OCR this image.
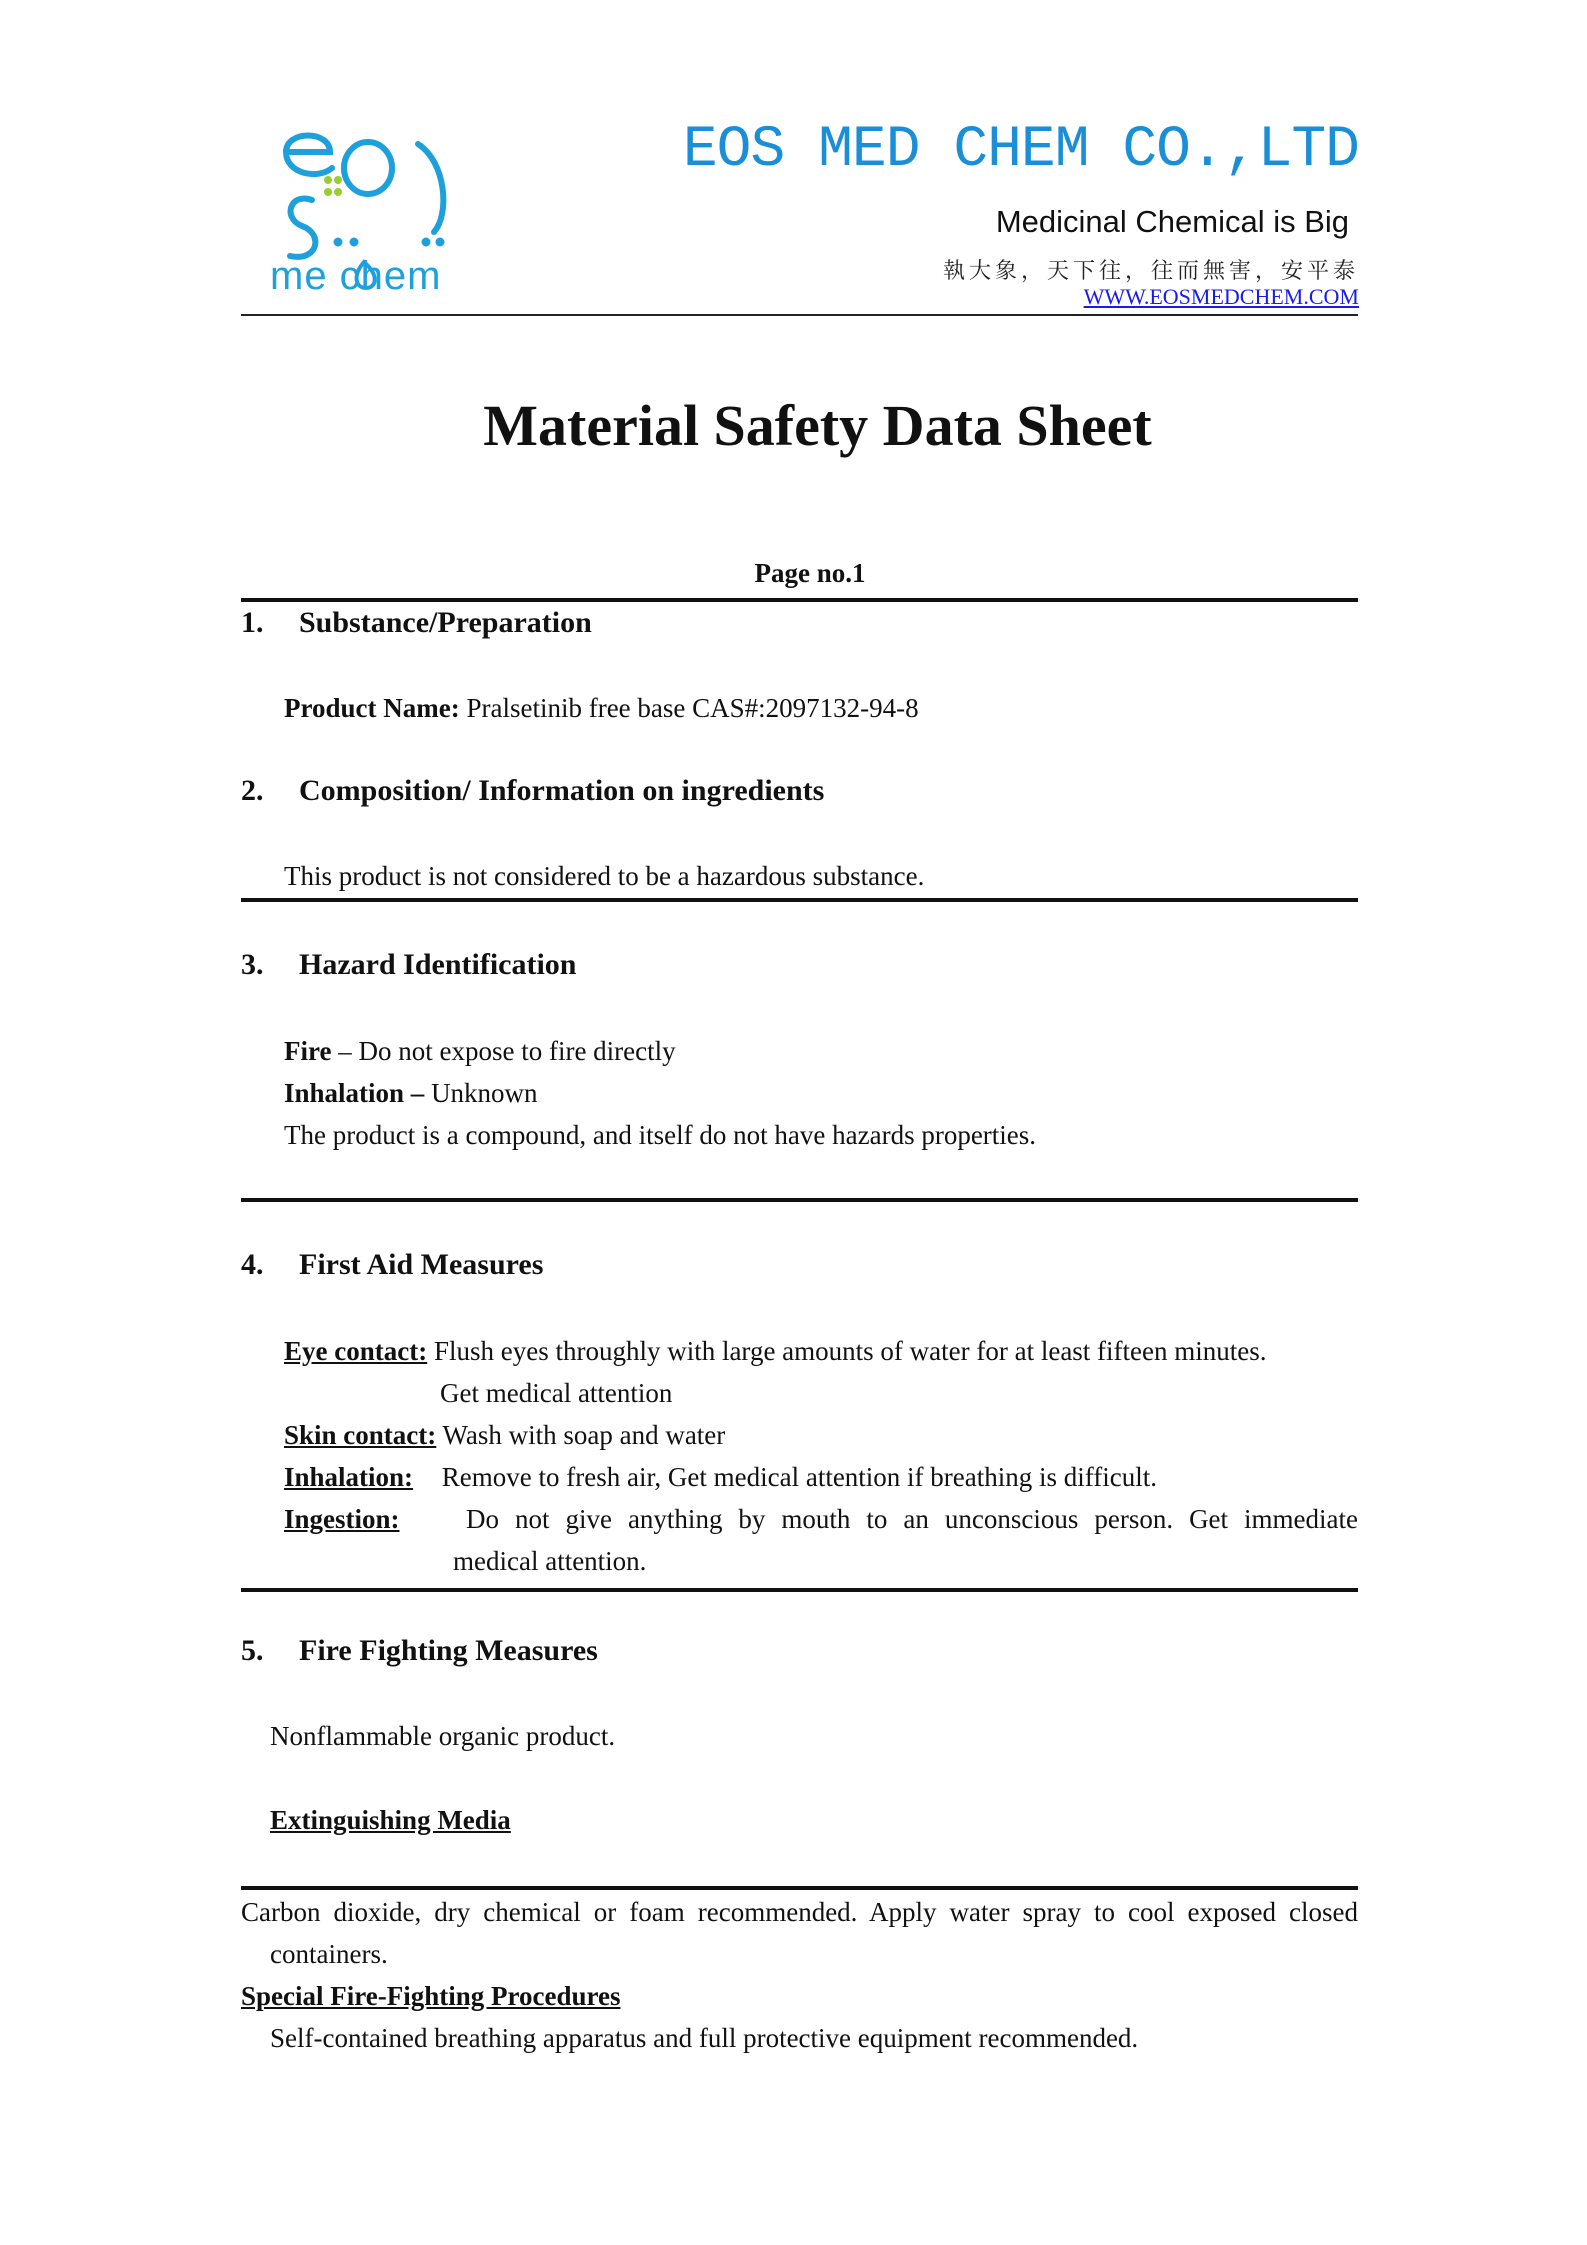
me chem
EOS MED CHEM CO.,LTD
Medicinal Chemical is Big
執大象，天下往，往而無害，安平泰
WWW.EOSMEDCHEM.COM
Material Safety Data Sheet
Page no.1
1. Substance/Preparation
Product Name: Pralsetinib free base CAS#:2097132-94-8
2. Composition/ Information on ingredients
This product is not considered to be a hazardous substance.
3. Hazard Identification
Fire – Do not expose to fire directly
Inhalation – Unknown
The product is a compound, and itself do not have hazards properties.
4. First Aid Measures
Eye contact: Flush eyes throughly with large amounts of water for at least fifteen minutes.
Get medical attention
Skin contact: Wash with soap and water
Inhalation: Remove to fresh air, Get medical attention if breathing is difficult.
Ingestion:	Do not give anything by mouth to an unconscious person. Get immediate
medical attention.
5. Fire Fighting Measures
Nonflammable organic product.
Extinguishing Media
Carbon dioxide, dry chemical or foam recommended. Apply water spray to cool exposed closed
containers.
Special Fire-Fighting Procedures
Self-contained breathing apparatus and full protective equipment recommended.
